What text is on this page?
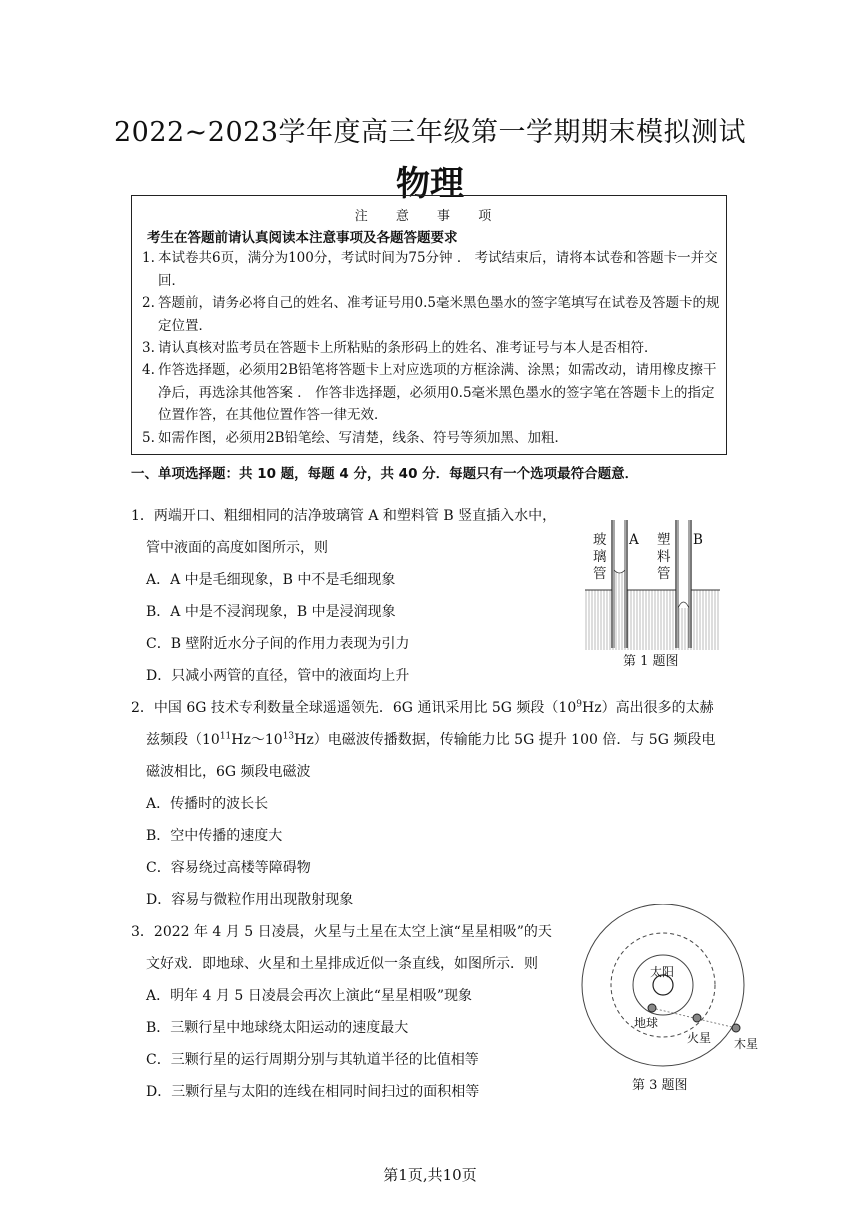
2022~2023学年度高三年级第一学期期末模拟测试
物理
注 意 事 项
考生在答题前请认真阅读本注意事项及各题答题要求
1. 本试卷共6页，满分为100分，考试时间为75分钟 ． 考试结束后，请将本试卷和答题卡一并交回．
2. 答题前，请务必将自己的姓名、准考证号用0.5毫米黑色墨水的签字笔填写在试卷及答题卡的规定位置．
3. 请认真核对监考员在答题卡上所粘贴的条形码上的姓名、准考证号与本人是否相符．
4. 作答选择题，必须用2B铅笔将答题卡上对应选项的方框涂满、涂黑；如需改动，请用橡皮擦干净后，再选涂其他答案 ． 作答非选择题，必须用0.5毫米黑色墨水的签字笔在答题卡上的指定位置作答，在其他位置作答一律无效．
5. 如需作图，必须用2B铅笔绘、写清楚，线条、符号等须加黑、加粗．
一、单项选择题：共 10 题，每题 4 分，共 40 分．每题只有一个选项最符合题意．
1．两端开口、粗细相同的洁净玻璃管 A 和塑料管 B 竖直插入水中，
管中液面的高度如图所示，则
A．A 中是毛细现象，B 中不是毛细现象
B．A 中是不浸润现象，B 中是浸润现象
C．B 壁附近水分子间的作用力表现为引力
D．只减小两管的直径，管中的液面均上升
玻璃管
A 塑料管
B
第 1 题图
2．中国 6G 技术专利数量全球遥遥领先．6G 通讯采用比 5G 频段$(10^9Hz)$高出很多的太赫
兹频段$(10^{11}Hz\sim 10^{13}Hz)$电磁波传播数据，传输能力比 5G 提升 100 倍．与 5G 频段电
磁波相比，6G 频段电磁波
A．传播时的波长长
B．空中传播的速度大
C．容易绕过高楼等障碍物
D．容易与微粒作用出现散射现象
3．2022 年 4 月 5 日凌晨，火星与土星在太空上演“星星相吸”的天
文好戏．即地球、火星和土星排成近似一条直线，如图所示．则
A．明年 4 月 5 日凌晨会再次上演此“星星相吸”现象
B．三颗行星中地球绕太阳运动的速度最大
C．三颗行星的运行周期分别与其轨道半径的比值相等
D．三颗行星与太阳的连线在相同时间扫过的面积相等
太阳
地球
火星 木星
第 3 题图
第1页,共10页
